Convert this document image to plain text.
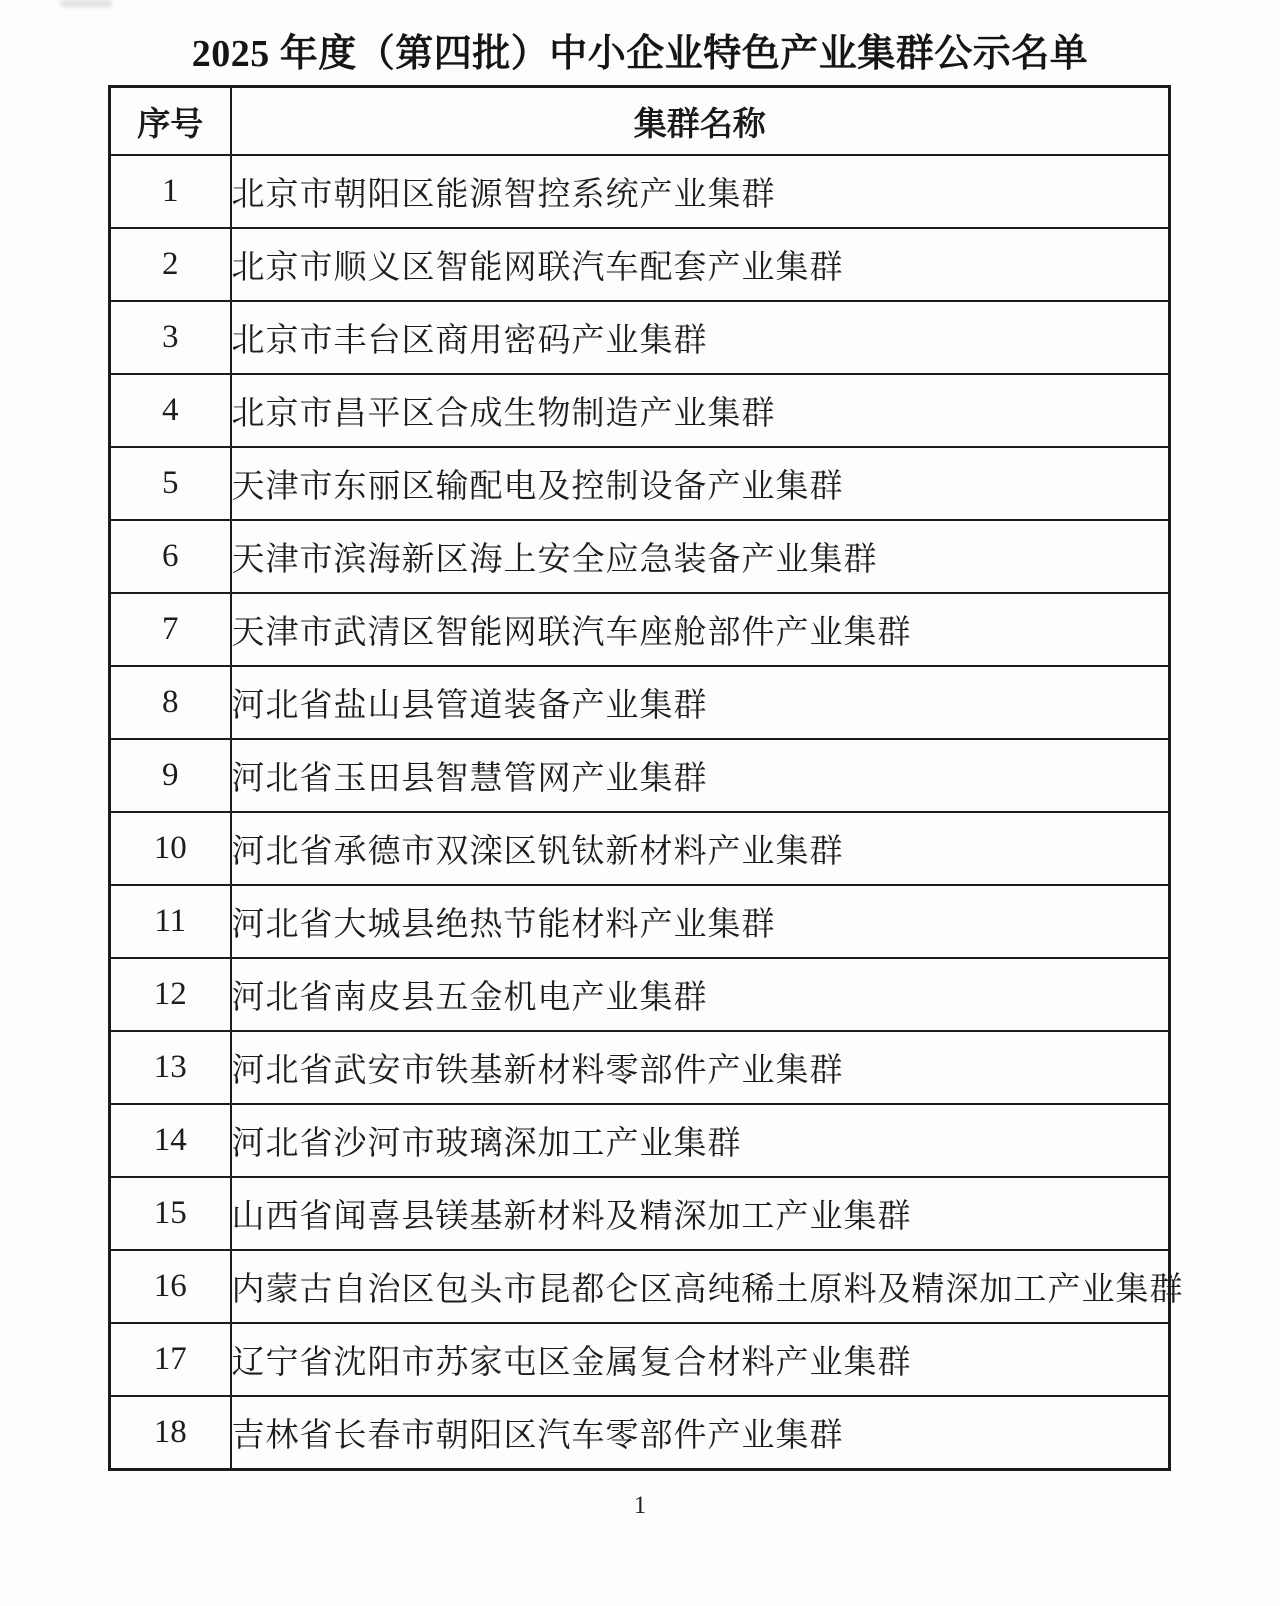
2025 年度（第四批）中小企业特色产业集群公示名单
序号	集群名称
1	北京市朝阳区能源智控系统产业集群
2	北京市顺义区智能网联汽车配套产业集群
3	北京市丰台区商用密码产业集群
4	北京市昌平区合成生物制造产业集群
5	天津市东丽区输配电及控制设备产业集群
6	天津市滨海新区海上安全应急装备产业集群
7	天津市武清区智能网联汽车座舱部件产业集群
8	河北省盐山县管道装备产业集群
9	河北省玉田县智慧管网产业集群
10	河北省承德市双滦区钒钛新材料产业集群
11	河北省大城县绝热节能材料产业集群
12	河北省南皮县五金机电产业集群
13	河北省武安市铁基新材料零部件产业集群
14	河北省沙河市玻璃深加工产业集群
15	山西省闻喜县镁基新材料及精深加工产业集群
16	内蒙古自治区包头市昆都仑区高纯稀土原料及精深加工产业集群
17	辽宁省沈阳市苏家屯区金属复合材料产业集群
18	吉林省长春市朝阳区汽车零部件产业集群
1
